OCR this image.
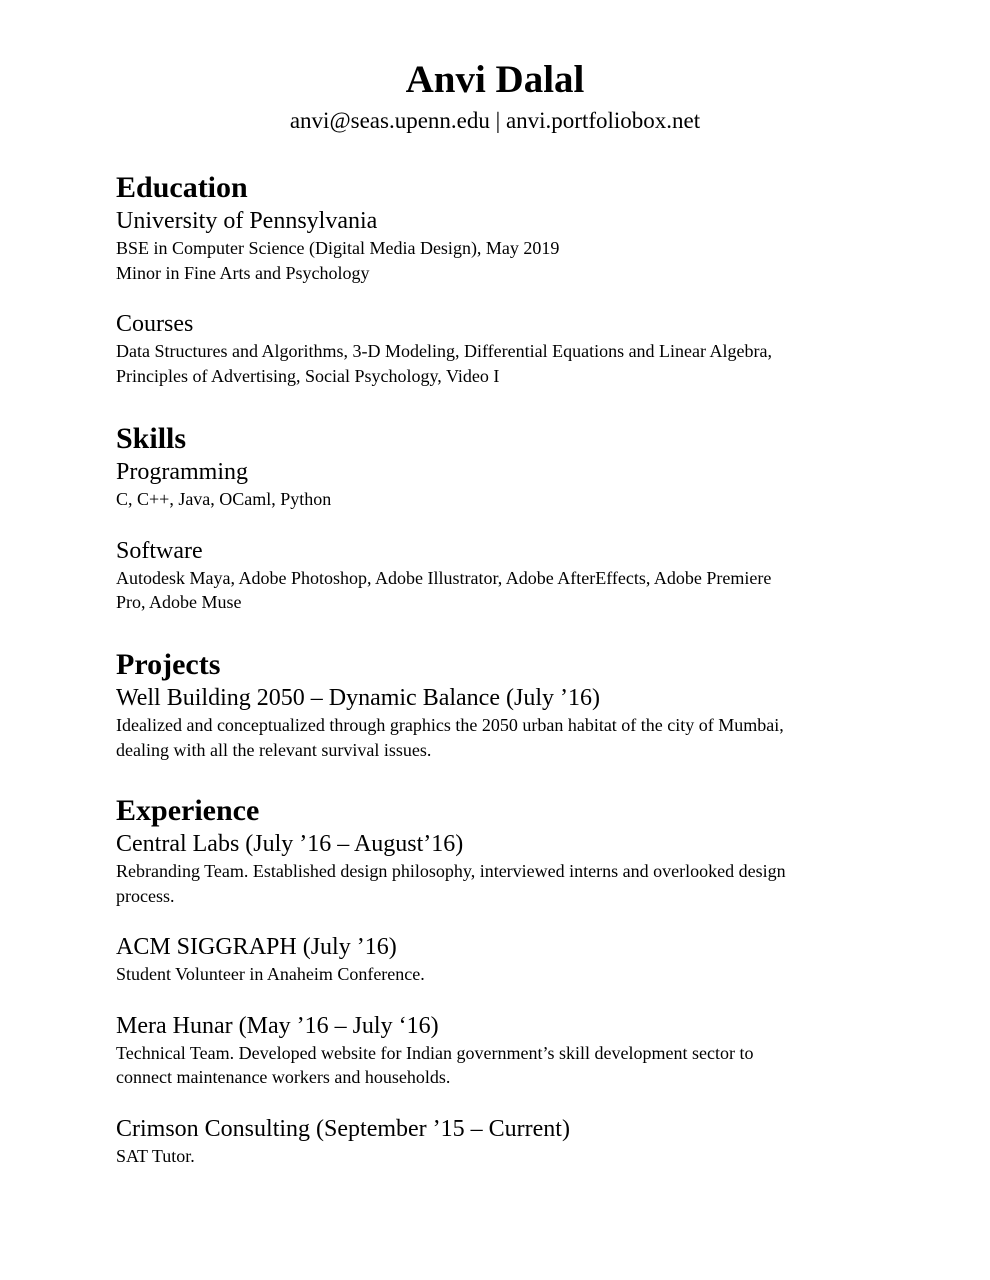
Anvi Dalal

anvi@seas.upenn.edu | anvi.portfoliobox.net

Education

University of Pennsylvania

BSE in Computer Science (Digital Media Design), May 2019

Minor in Fine Arts and Psychology

Courses

Data Structures and Algorithms, 3-D Modeling, Differential Equations and Linear Algebra,

Principles of Advertising, Social Psychology, Video I

Skills

Programming

C, C++, Java, OCaml, Python

Software

Autodesk Maya, Adobe Photoshop, Adobe Illustrator, Adobe AfterEffects, Adobe Premiere

Pro, Adobe Muse

Projects

Well Building 2050 – Dynamic Balance (July ’16)

Idealized and conceptualized through graphics the 2050 urban habitat of the city of Mumbai,

dealing with all the relevant survival issues.

Experience

Central Labs (July ’16 – August’16)

Rebranding Team. Established design philosophy, interviewed interns and overlooked design

process.

ACM SIGGRAPH (July ’16)

Student Volunteer in Anaheim Conference.

Mera Hunar (May ’16 – July ‘16)

Technical Team. Developed website for Indian government’s skill development sector to

connect maintenance workers and households.

Crimson Consulting (September ’15 – Current)

SAT Tutor.
